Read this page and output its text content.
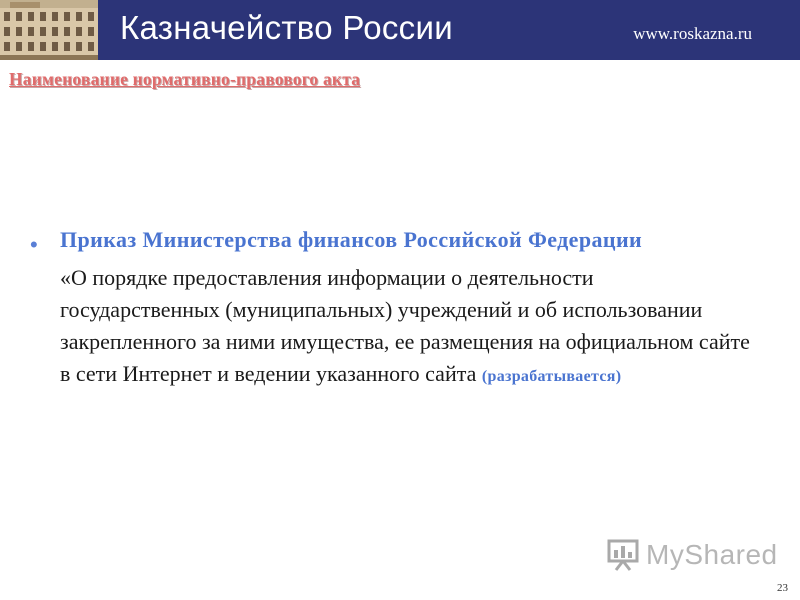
Казначейство России	www.roskazna.ru
Наименование нормативно-правового акта
• Приказ Министерства финансов Российской Федерации
«О порядке предоставления информации о деятельности государственных (муниципальных) учреждений и об использовании закрепленного за ними имущества, ее размещения на официальном сайте в сети Интернет и ведении указанного сайта (разрабатывается)
MyShared
23
